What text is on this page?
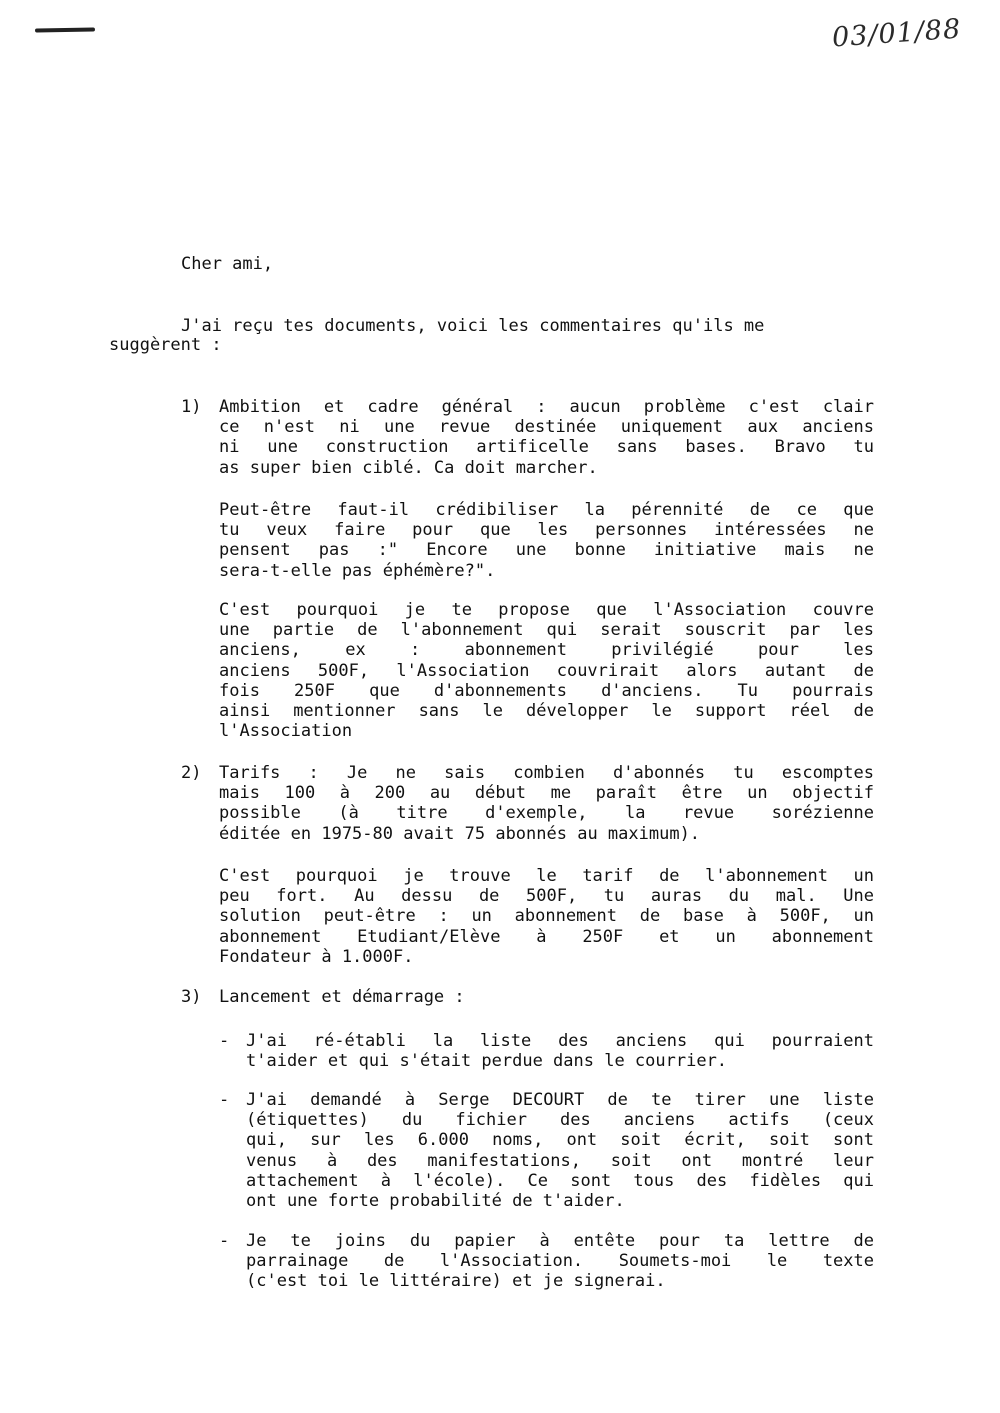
03/01/88
Cher ami,
J'ai reçu tes documents, voici les commentaires qu'ils me
suggèrent :
1) Ambition et cadre général : aucun problème c'est clair
ce n'est ni une revue destinée uniquement aux anciens
ni une construction artificelle sans bases. Bravo tu
as super bien ciblé. Ca doit marcher.
Peut-être faut-il crédibiliser la pérennité de ce que
tu veux faire pour que les personnes intéressées ne
pensent pas :" Encore une bonne initiative mais ne
sera-t-elle pas éphémère?".
C'est pourquoi je te propose que l'Association couvre
une partie de l'abonnement qui serait souscrit par les
anciens, ex : abonnement privilégié pour les
anciens 500F, l'Association couvrirait alors autant de
fois 250F que d'abonnements d'anciens. Tu pourrais
ainsi mentionner sans le développer le support réel de
l'Association
2) Tarifs : Je ne sais combien d'abonnés tu escomptes
mais 100 à 200 au début me paraît être un objectif
possible (à titre d'exemple, la revue sorézienne
éditée en 1975-80 avait 75 abonnés au maximum).
C'est pourquoi je trouve le tarif de l'abonnement un
peu fort. Au dessu de 500F, tu auras du mal. Une
solution peut-être : un abonnement de base à 500F, un
abonnement Etudiant/Elève à 250F et un abonnement
Fondateur à 1.000F.
3) Lancement et démarrage :
- J'ai ré-établi la liste des anciens qui pourraient
t'aider et qui s'était perdue dans le courrier.
- J'ai demandé à Serge DECOURT de te tirer une liste
(étiquettes) du fichier des anciens actifs (ceux
qui, sur les 6.000 noms, ont soit écrit, soit sont
venus à des manifestations, soit ont montré leur
attachement à l'école). Ce sont tous des fidèles qui
ont une forte probabilité de t'aider.
- Je te joins du papier à entête pour ta lettre de
parrainage de l'Association. Soumets-moi le texte
(c'est toi le littéraire) et je signerai.
